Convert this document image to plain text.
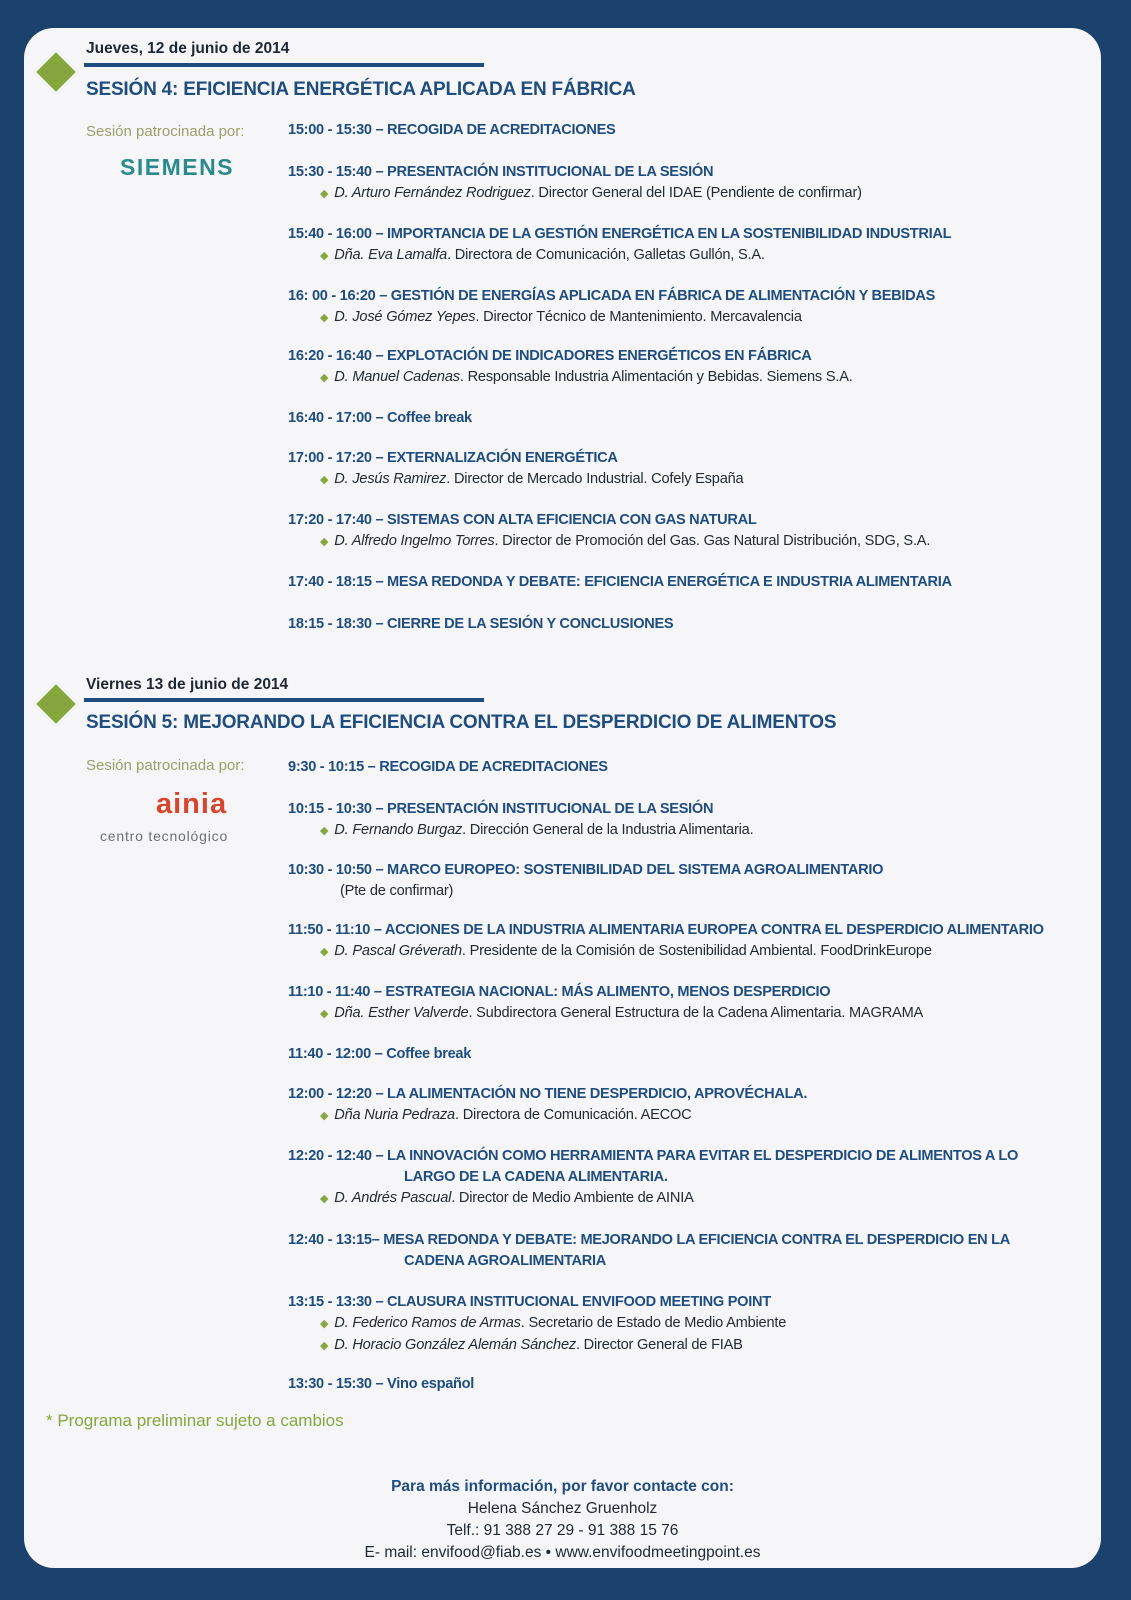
Jueves, 12 de junio de 2014
SESIÓN 4: EFICIENCIA ENERGÉTICA APLICADA EN FÁBRICA
Sesión patrocinada por:
SIEMENS
15:00 - 15:30 – RECOGIDA DE ACREDITACIONES
15:30 - 15:40 – PRESENTACIÓN INSTITUCIONAL DE LA SESIÓN
◆ D. Arturo Fernández Rodriguez. Director General del IDAE (Pendiente de confirmar)
15:40 - 16:00 – IMPORTANCIA DE LA GESTIÓN ENERGÉTICA EN LA SOSTENIBILIDAD INDUSTRIAL
◆ Dña. Eva Lamalfa. Directora de Comunicación, Galletas Gullón, S.A.
16: 00 - 16:20 – GESTIÓN DE ENERGÍAS APLICADA EN FÁBRICA DE ALIMENTACIÓN Y BEBIDAS
◆ D. José Gómez Yepes. Director Técnico de Mantenimiento. Mercavalencia
16:20 - 16:40 – EXPLOTACIÓN DE INDICADORES ENERGÉTICOS EN FÁBRICA
◆ D. Manuel Cadenas. Responsable Industria Alimentación y Bebidas. Siemens S.A.
16:40 - 17:00 – Coffee break
17:00 - 17:20 – EXTERNALIZACIÓN ENERGÉTICA
◆ D. Jesús Ramirez. Director de Mercado Industrial. Cofely España
17:20 - 17:40 – SISTEMAS CON ALTA EFICIENCIA CON GAS NATURAL
◆ D. Alfredo Ingelmo Torres. Director de Promoción del Gas. Gas Natural Distribución, SDG, S.A.
17:40 - 18:15 – MESA REDONDA Y DEBATE: EFICIENCIA ENERGÉTICA E INDUSTRIA ALIMENTARIA
18:15 - 18:30 – CIERRE DE LA SESIÓN Y CONCLUSIONES
Viernes 13 de junio de 2014
SESIÓN 5: MEJORANDO LA EFICIENCIA CONTRA EL DESPERDICIO DE ALIMENTOS
Sesión patrocinada por:
ainia
centro tecnológico
9:30 - 10:15 – RECOGIDA DE ACREDITACIONES
10:15 - 10:30 – PRESENTACIÓN INSTITUCIONAL DE LA SESIÓN
◆ D. Fernando Burgaz. Dirección General de la Industria Alimentaria.
10:30 - 10:50 – MARCO EUROPEO: SOSTENIBILIDAD DEL SISTEMA AGROALIMENTARIO
(Pte de confirmar)
11:50 - 11:10 – ACCIONES DE LA INDUSTRIA ALIMENTARIA EUROPEA CONTRA EL DESPERDICIO ALIMENTARIO
◆ D. Pascal Gréverath. Presidente de la Comisión de Sostenibilidad Ambiental. FoodDrinkEurope
11:10 - 11:40 – ESTRATEGIA NACIONAL: MÁS ALIMENTO, MENOS DESPERDICIO
◆ Dña. Esther Valverde. Subdirectora General Estructura de la Cadena Alimentaria. MAGRAMA
11:40 - 12:00 – Coffee break
12:00 - 12:20 – LA ALIMENTACIÓN NO TIENE DESPERDICIO, APROVÉCHALA.
◆ Dña Nuria Pedraza. Directora de Comunicación. AECOC
12:20 - 12:40 – LA INNOVACIÓN COMO HERRAMIENTA PARA EVITAR EL DESPERDICIO DE ALIMENTOS A LO
LARGO DE LA CADENA ALIMENTARIA.
◆ D. Andrés Pascual. Director de Medio Ambiente de AINIA
12:40 - 13:15– MESA REDONDA Y DEBATE: MEJORANDO LA EFICIENCIA CONTRA EL DESPERDICIO EN LA
CADENA AGROALIMENTARIA
13:15 - 13:30 – CLAUSURA INSTITUCIONAL ENVIFOOD MEETING POINT
◆ D. Federico Ramos de Armas. Secretario de Estado de Medio Ambiente
◆ D. Horacio González Alemán Sánchez. Director General de FIAB
13:30 - 15:30 – Vino español
* Programa preliminar sujeto a cambios
Para más información, por favor contacte con:
Helena Sánchez Gruenholz
Telf.: 91 388 27 29 - 91 388 15 76
E- mail: envifood@fiab.es • www.envifoodmeetingpoint.es
